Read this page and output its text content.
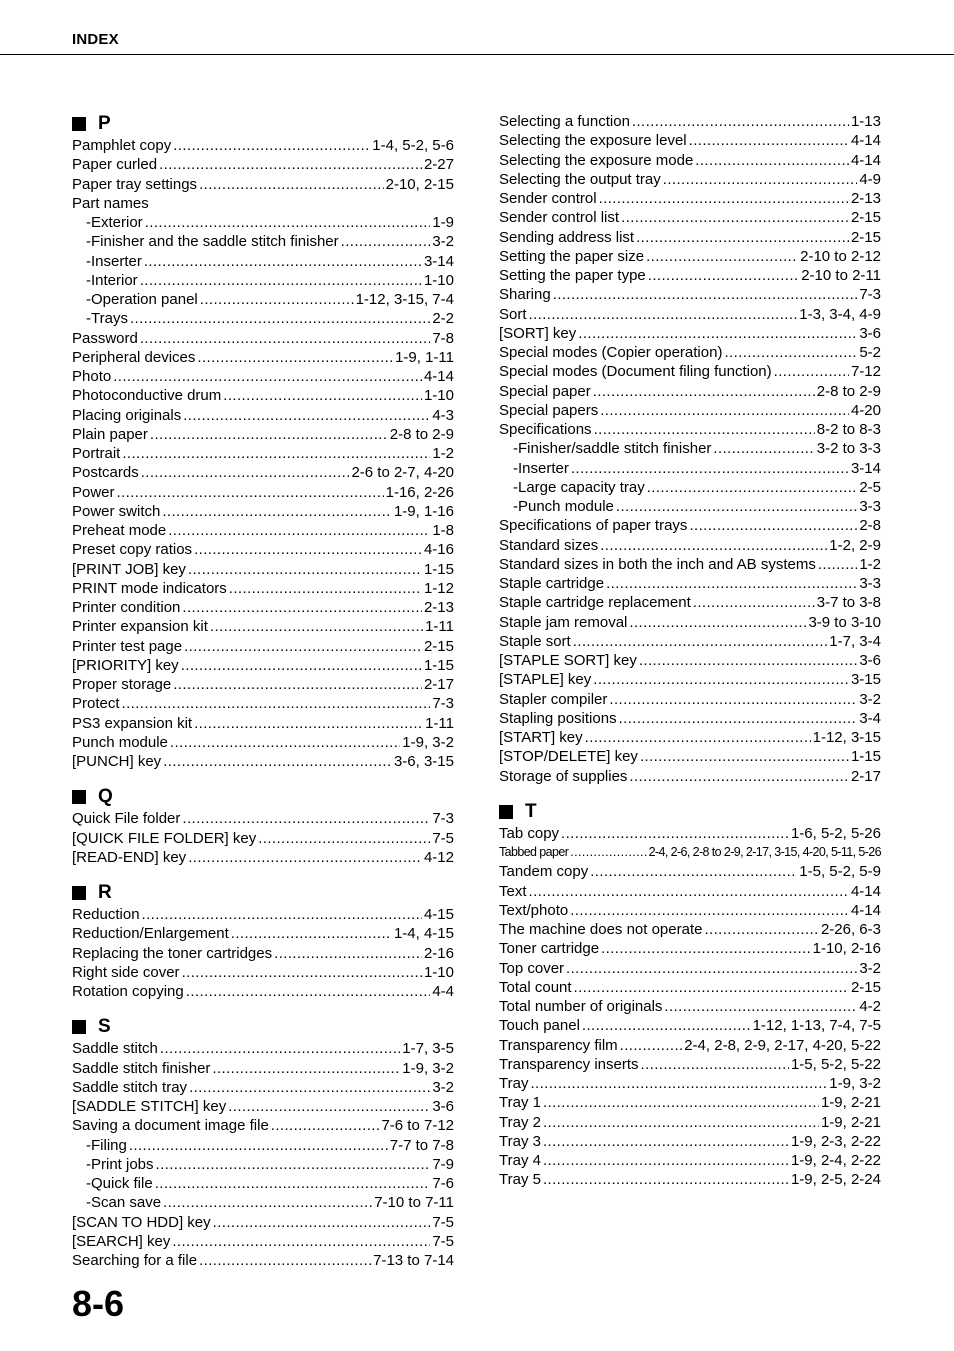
INDEX
P
Pamphlet copy .....	1-4, 5-2, 5-6
Paper curled .....	2-27
Paper tray settings .....	2-10, 2-15
Part names
-Exterior .....	1-9
-Finisher and the saddle stitch finisher .....	3-2
-Inserter .....	3-14
-Interior .....	1-10
-Operation panel .....	1-12, 3-15, 7-4
-Trays .....	2-2
Password .....	7-8
Peripheral devices .....	1-9, 1-11
Photo .....	4-14
Photoconductive drum .....	1-10
Placing originals .....	4-3
Plain paper .....	2-8 to 2-9
Portrait .....	1-2
Postcards .....	2-6 to 2-7, 4-20
Power .....	1-16, 2-26
Power switch .....	1-9, 1-16
Preheat mode .....	1-8
Preset copy ratios .....	4-16
[PRINT JOB] key .....	1-15
PRINT mode indicators .....	1-12
Printer condition .....	2-13
Printer expansion kit .....	1-11
Printer test page .....	2-15
[PRIORITY] key .....	1-15
Proper storage .....	2-17
Protect .....	7-3
PS3 expansion kit .....	1-11
Punch module .....	1-9, 3-2
[PUNCH] key .....	3-6, 3-15
Q
Quick File folder .....	7-3
[QUICK FILE FOLDER] key .....	7-5
[READ-END] key .....	4-12
R
Reduction .....	4-15
Reduction/Enlargement .....	1-4, 4-15
Replacing the toner cartridges .....	2-16
Right side cover .....	1-10
Rotation copying .....	4-4
S
Saddle stitch .....	1-7, 3-5
Saddle stitch finisher .....	1-9, 3-2
Saddle stitch tray .....	3-2
[SADDLE STITCH] key .....	3-6
Saving a document image file .....	7-6 to 7-12
-Filing .....	7-7 to 7-8
-Print jobs .....	7-9
-Quick file .....	7-6
-Scan save .....	7-10 to 7-11
[SCAN TO HDD] key .....	7-5
[SEARCH] key .....	7-5
Searching for a file .....	7-13 to 7-14
Selecting a function .....	1-13
Selecting the exposure level .....	4-14
Selecting the exposure mode .....	4-14
Selecting the output tray .....	4-9
Sender control .....	2-13
Sender control list .....	2-15
Sending address list .....	2-15
Setting the paper size .....	2-10 to 2-12
Setting the paper type .....	2-10 to 2-11
Sharing .....	7-3
Sort .....	1-3, 3-4, 4-9
[SORT] key .....	3-6
Special modes (Copier operation) .....	5-2
Special modes (Document filing function) .....	7-12
Special paper .....	2-8 to 2-9
Special papers .....	4-20
Specifications .....	8-2 to 8-3
-Finisher/saddle stitch finisher .....	3-2 to 3-3
-Inserter .....	3-14
-Large capacity tray .....	2-5
-Punch module .....	3-3
Specifications of paper trays .....	2-8
Standard sizes .....	1-2, 2-9
Standard sizes in both the inch and AB systems .....	1-2
Staple cartridge .....	3-3
Staple cartridge replacement .....	3-7 to 3-8
Staple jam removal .....	3-9 to 3-10
Staple sort .....	1-7, 3-4
[STAPLE SORT] key .....	3-6
[STAPLE] key .....	3-15
Stapler compiler .....	3-2
Stapling positions .....	3-4
[START] key .....	1-12, 3-15
[STOP/DELETE] key .....	1-15
Storage of supplies .....	2-17
T
Tab copy .....	1-6, 5-2, 5-26
Tabbed paper .....	2-4, 2-6, 2-8 to 2-9, 2-17, 3-15, 4-20, 5-11, 5-26
Tandem copy .....	1-5, 5-2, 5-9
Text .....	4-14
Text/photo .....	4-14
The machine does not operate .....	2-26, 6-3
Toner cartridge .....	1-10, 2-16
Top cover .....	3-2
Total count .....	2-15
Total number of originals .....	4-2
Touch panel .....	1-12, 1-13, 7-4, 7-5
Transparency film .....	2-4, 2-8, 2-9, 2-17, 4-20, 5-22
Transparency inserts .....	1-5, 5-2, 5-22
Tray .....	1-9, 3-2
Tray 1 .....	1-9, 2-21
Tray 2 .....	1-9, 2-21
Tray 3 .....	1-9, 2-3, 2-22
Tray 4 .....	1-9, 2-4, 2-22
Tray 5 .....	1-9, 2-5, 2-24
8-6
